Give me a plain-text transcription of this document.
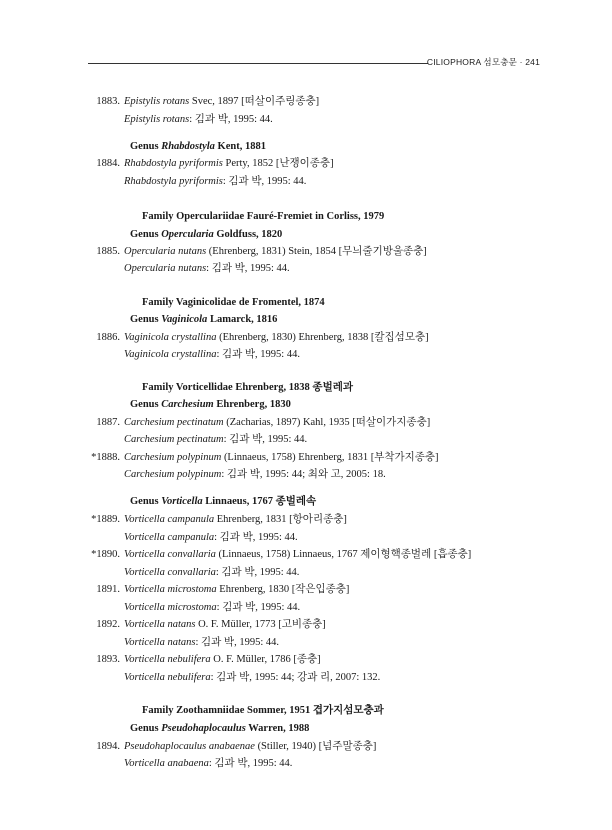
CILIOPHORA 섬모충문 · 241
1883. Epistylis rotans Svec, 1897 [떠살이주링종충]
Epistylis rotans: 김과 박, 1995: 44.
Genus Rhabdostyla Kent, 1881
1884. Rhabdostyla pyriformis Perty, 1852 [난쟁이종충]
Rhabdostyla pyriformis: 김과 박, 1995: 44.
Family Operculariidae Fauré-Fremiet in Corliss, 1979
Genus Opercularia Goldfuss, 1820
1885. Opercularia nutans (Ehrenberg, 1831) Stein, 1854 [무늬줄기방울종충]
Opercularia nutans: 김과 박, 1995: 44.
Family Vaginicolidae de Fromentel, 1874
Genus Vaginicola Lamarck, 1816
1886. Vaginicola crystallina (Ehrenberg, 1830) Ehrenberg, 1838 [칼집섬모충]
Vaginicola crystallina: 김과 박, 1995: 44.
Family Vorticellidae Ehrenberg, 1838 종벌레과
Genus Carchesium Ehrenberg, 1830
1887. Carchesium pectinatum (Zacharias, 1897) Kahl, 1935 [떠살이가지종충]
Carchesium pectinatum: 김과 박, 1995: 44.
*1888. Carchesium polypinum (Linnaeus, 1758) Ehrenberg, 1831 [부착가지종충]
Carchesium polypinum: 김과 박, 1995: 44; 최와 고, 2005: 18.
Genus Vorticella Linnaeus, 1767 종벌레속
*1889. Vorticella campanula Ehrenberg, 1831 [항아리종충]
Vorticella campanula: 김과 박, 1995: 44.
*1890. Vorticella convallaria (Linnaeus, 1758) Linnaeus, 1767 제이형핵종벌레 [흡종충]
Vorticella convallaria: 김과 박, 1995: 44.
1891. Vorticella microstoma Ehrenberg, 1830 [작은입종충]
Vorticella microstoma: 김과 박, 1995: 44.
1892. Vorticella natans O. F. Müller, 1773 [고비종충]
Vorticella natans: 김과 박, 1995: 44.
1893. Vorticella nebulifera O. F. Müller, 1786 [종충]
Vorticella nebulifera: 김과 박, 1995: 44; 강과 리, 2007: 132.
Family Zoothamniidae Sommer, 1951 겹가지섬모충과
Genus Pseudohaplocaulus Warren, 1988
1894. Pseudohaplocaulus anabaenae (Stiller, 1940) [넘주말종충]
Vorticella anabaena: 김과 박, 1995: 44.
